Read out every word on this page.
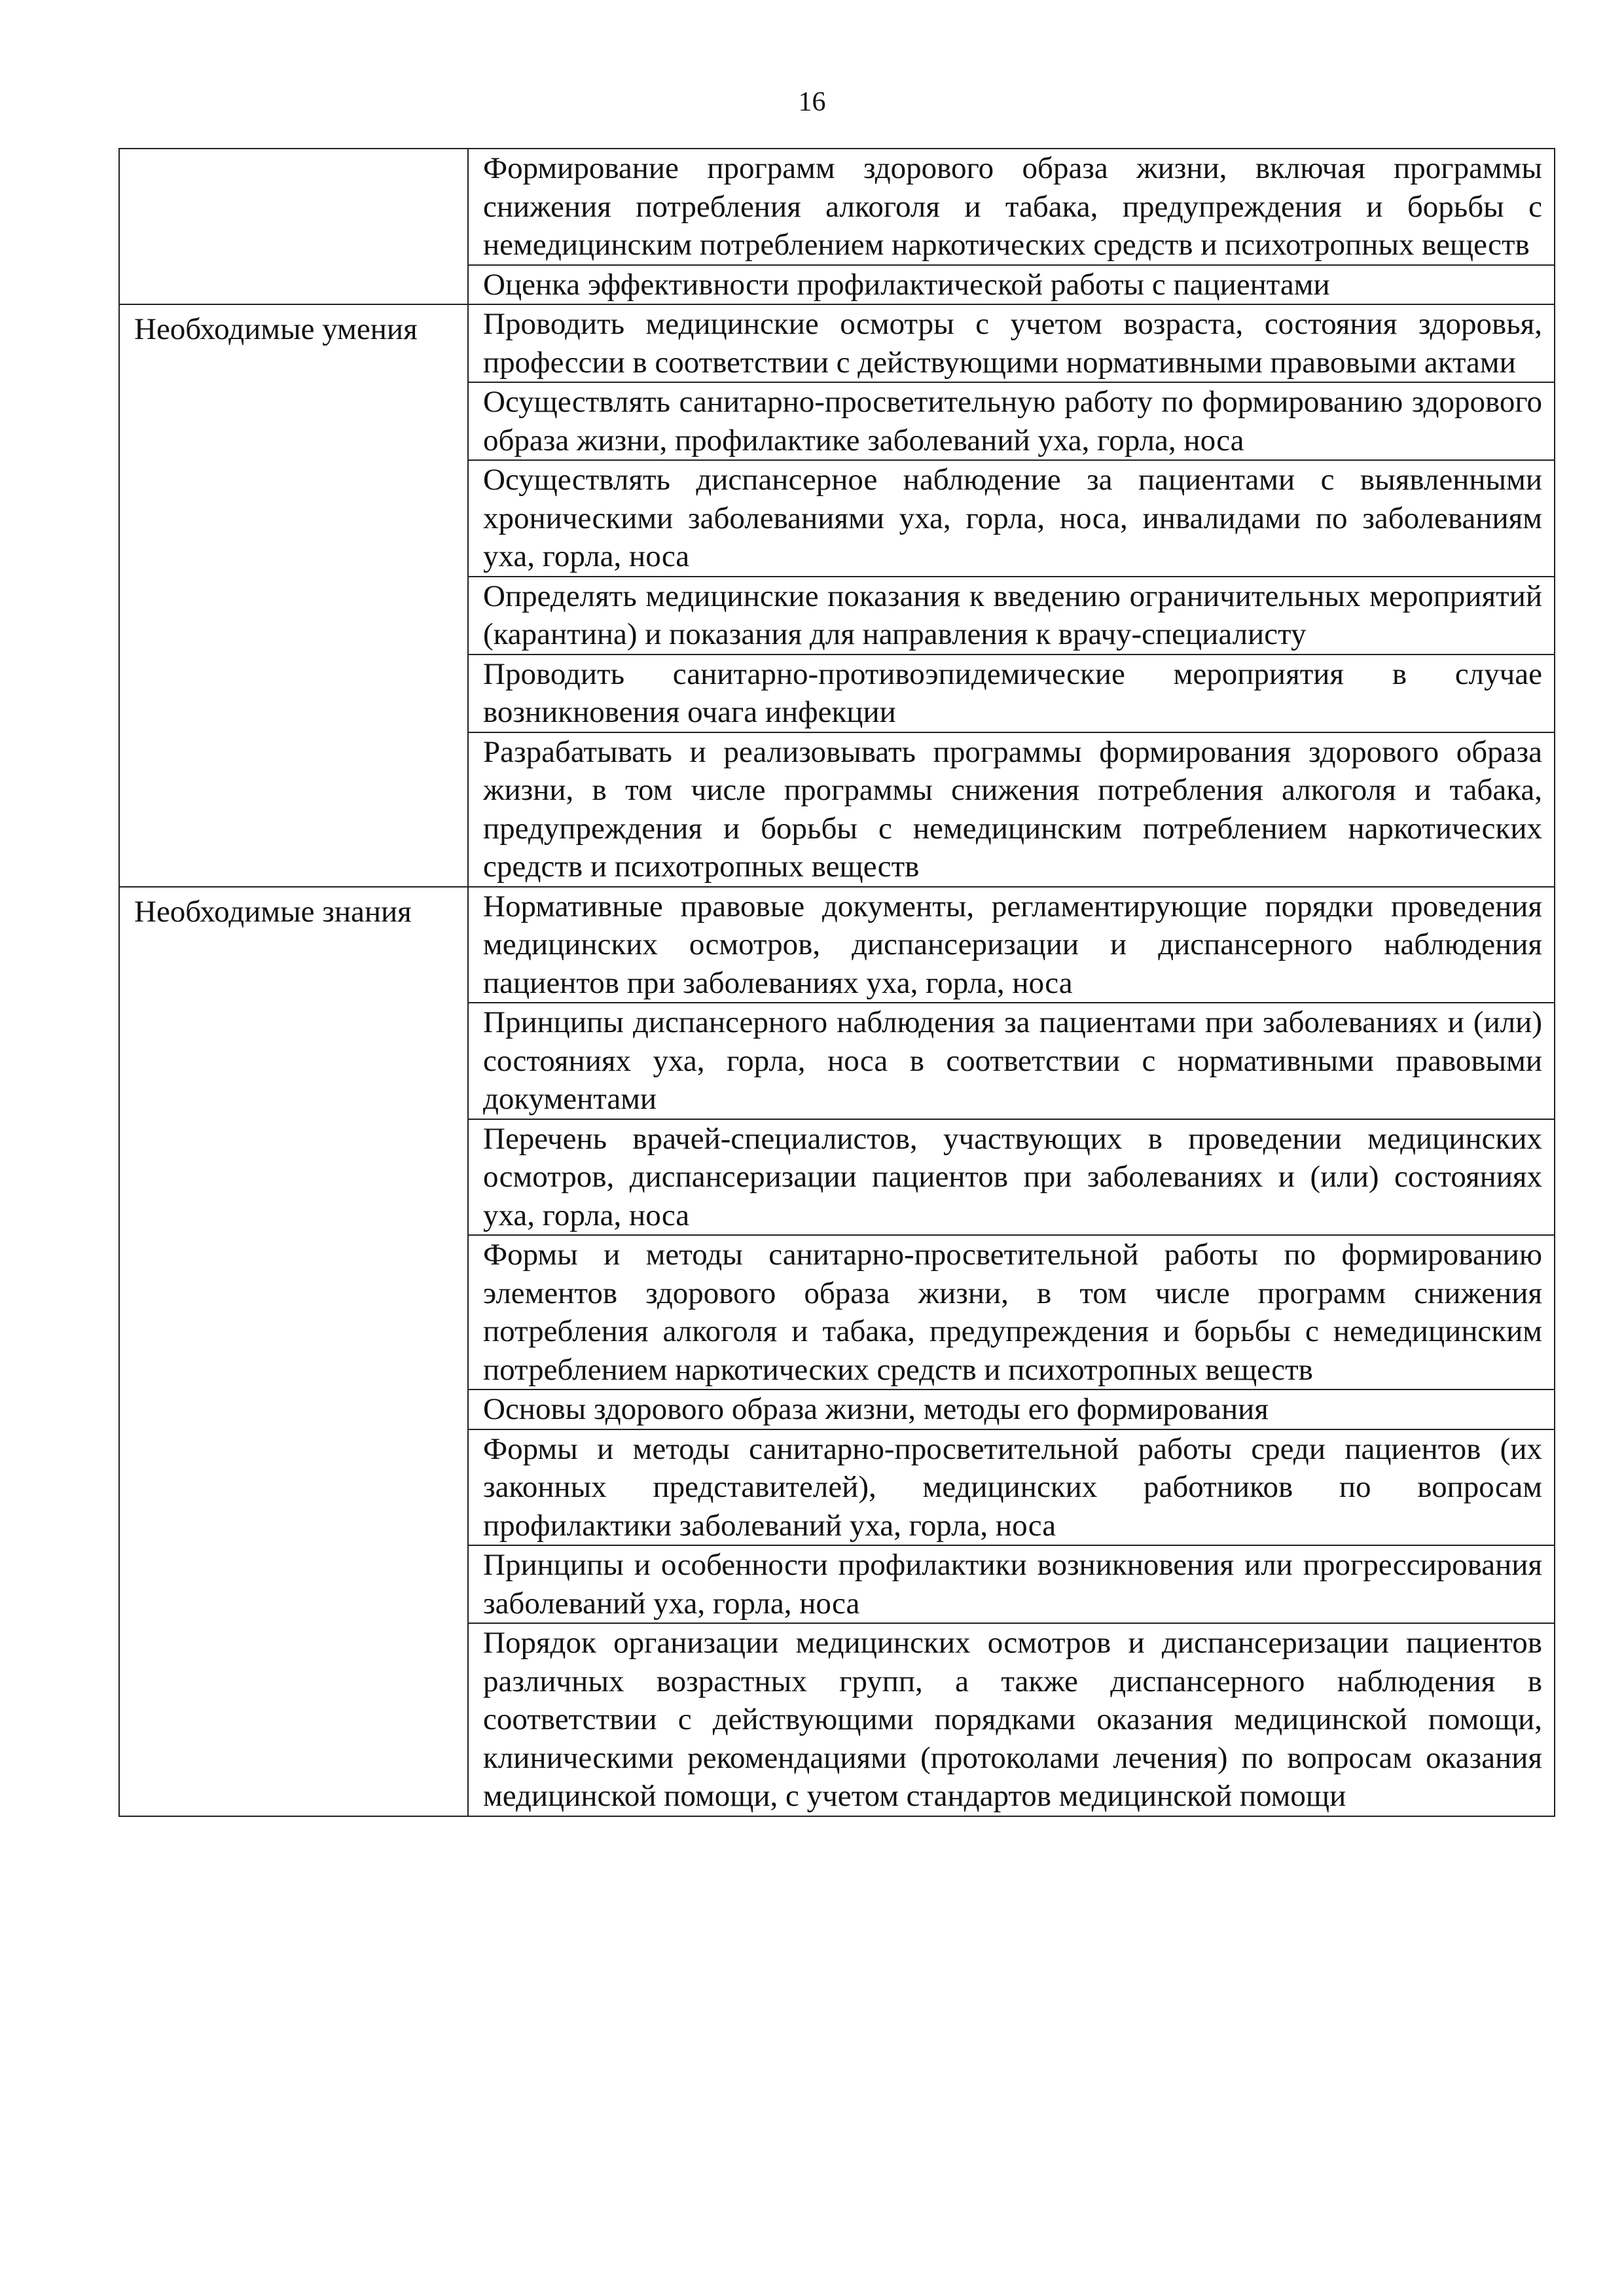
16
	Формирование программ здорового образа жизни, включая программы снижения потребления алкоголя и табака, предупреждения и борьбы с немедицинским потреблением наркотических средств и психотропных веществ
	Оценка эффективности профилактической работы с пациентами
Необходимые умения	Проводить медицинские осмотры с учетом возраста, состояния здоровья, профессии в соответствии с действующими нормативными правовыми актами
	Осуществлять санитарно-просветительную работу по формированию здорового образа жизни, профилактике заболеваний уха, горла, носа
	Осуществлять диспансерное наблюдение за пациентами с выявленными хроническими заболеваниями уха, горла, носа, инвалидами по заболеваниям уха, горла, носа
	Определять медицинские показания к введению ограничительных мероприятий (карантина) и показания для направления к врачу-специалисту
	Проводить санитарно-противоэпидемические мероприятия в случае возникновения очага инфекции
	Разрабатывать и реализовывать программы формирования здорового образа жизни, в том числе программы снижения потребления алкоголя и табака, предупреждения и борьбы с немедицинским потреблением наркотических средств и психотропных веществ
Необходимые знания	Нормативные правовые документы, регламентирующие порядки проведения медицинских осмотров, диспансеризации и диспансерного наблюдения пациентов при заболеваниях уха, горла, носа
	Принципы диспансерного наблюдения за пациентами при заболеваниях и (или) состояниях уха, горла, носа в соответствии с нормативными правовыми документами
	Перечень врачей-специалистов, участвующих в проведении медицинских осмотров, диспансеризации пациентов при заболеваниях и (или) состояниях уха, горла, носа
	Формы и методы санитарно-просветительной работы по формированию элементов здорового образа жизни, в том числе программ снижения потребления алкоголя и табака, предупреждения и борьбы с немедицинским потреблением наркотических средств и психотропных веществ
	Основы здорового образа жизни, методы его формирования
	Формы и методы санитарно-просветительной работы среди пациентов (их законных представителей), медицинских работников по вопросам профилактики заболеваний уха, горла, носа
	Принципы и особенности профилактики возникновения или прогрессирования заболеваний уха, горла, носа
	Порядок организации медицинских осмотров и диспансеризации пациентов различных возрастных групп, а также диспансерного наблюдения в соответствии с действующими порядками оказания медицинской помощи, клиническими рекомендациями (протоколами лечения) по вопросам оказания медицинской помощи, с учетом стандартов медицинской помощи
